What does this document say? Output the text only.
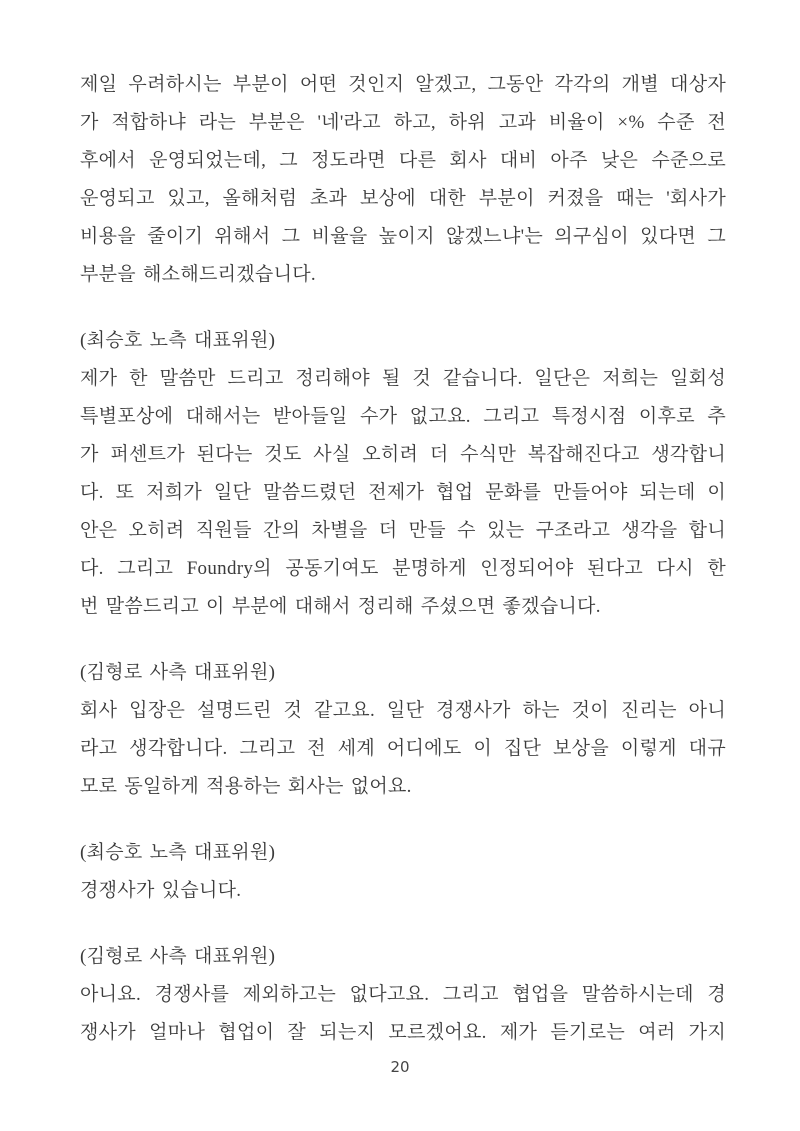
제일 우려하시는 부분이 어떤 것인지 알겠고, 그동안 각각의 개별 대상자
가 적합하냐 라는 부분은 '네'라고 하고, 하위 고과 비율이 ×% 수준 전
후에서 운영되었는데, 그 정도라면 다른 회사 대비 아주 낮은 수준으로
운영되고 있고, 올해처럼 초과 보상에 대한 부분이 커졌을 때는 '회사가
비용을 줄이기 위해서 그 비율을 높이지 않겠느냐'는 의구심이 있다면 그
부분을 해소해드리겠습니다.
(최승호 노측 대표위원)
제가 한 말씀만 드리고 정리해야 될 것 같습니다. 일단은 저희는 일회성
특별포상에 대해서는 받아들일 수가 없고요. 그리고 특정시점 이후로 추
가 퍼센트가 된다는 것도 사실 오히려 더 수식만 복잡해진다고 생각합니
다. 또 저희가 일단 말씀드렸던 전제가 협업 문화를 만들어야 되는데 이
안은 오히려 직원들 간의 차별을 더 만들 수 있는 구조라고 생각을 합니
다. 그리고 Foundry의 공동기여도 분명하게 인정되어야 된다고 다시 한
번 말씀드리고 이 부분에 대해서 정리해 주셨으면 좋겠습니다.
(김형로 사측 대표위원)
회사 입장은 설명드린 것 같고요. 일단 경쟁사가 하는 것이 진리는 아니
라고 생각합니다. 그리고 전 세계 어디에도 이 집단 보상을 이렇게 대규
모로 동일하게 적용하는 회사는 없어요.
(최승호 노측 대표위원)
경쟁사가 있습니다.
(김형로 사측 대표위원)
아니요. 경쟁사를 제외하고는 없다고요. 그리고 협업을 말씀하시는데 경
쟁사가 얼마나 협업이 잘 되는지 모르겠어요. 제가 듣기로는 여러 가지
20
